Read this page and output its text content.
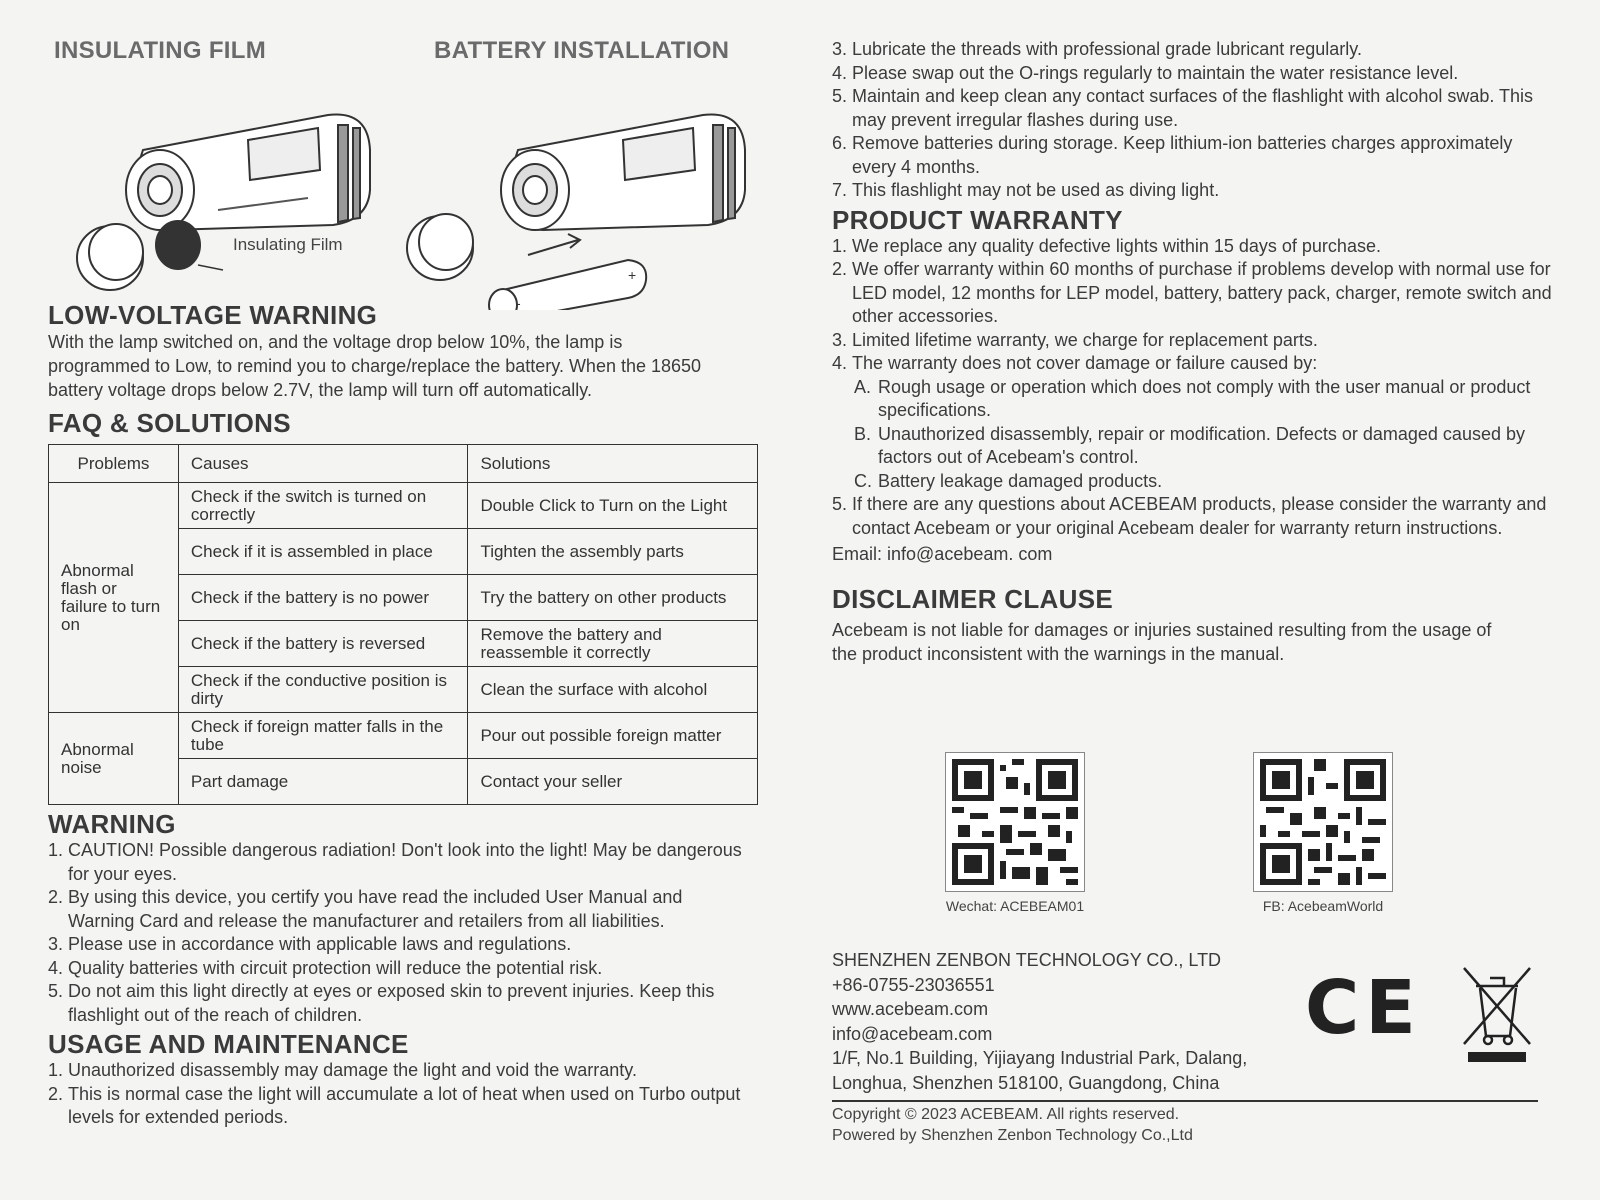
INSULATING FILM	BATTERY INSTALLATION
+
-
Insulating Film
LOW-VOLTAGE WARNING

With the lamp switched on, and the voltage drop below 10%, the lamp is programmed to Low, to remind you to charge/replace the battery. When the 18650 battery voltage drops below 2.7V, the lamp will turn off automatically.

FAQ & SOLUTIONS
Problems	Causes	Solutions
Abnormal flash or failure to turn on	Check if the switch is turned on correctly	Double Click to Turn on the Light
	Check if it is assembled in place	Tighten the assembly parts
	Check if the battery is no power	Try the battery on other products
	Check if the battery is reversed	Remove the battery and reassemble it correctly
	Check if the conductive position is dirty	Clean the surface with alcohol
Abnormal noise	Check if foreign matter falls in the tube	Pour out possible foreign matter
	Part damage	Contact your seller
WARNING
1. CAUTION! Possible dangerous radiation! Don't look into the light! May be dangerous for your eyes.
2. By using this device, you certify you have read the included User Manual and Warning Card and release the manufacturer and retailers from all liabilities.
3. Please use in accordance with applicable laws and regulations.
4. Quality batteries with circuit protection will reduce the potential risk.
5. Do not aim this light directly at eyes or exposed skin to prevent injuries. Keep this flashlight out of the reach of children.
USAGE AND MAINTENANCE
1. Unauthorized disassembly may damage the light and void the warranty.
2. This is normal case the light will accumulate a lot of heat when used on Turbo output levels for extended periods.
3. Lubricate the threads with professional grade lubricant regularly.
4. Please swap out the O-rings regularly to maintain the water resistance level.
5. Maintain and keep clean any contact surfaces of the flashlight with alcohol swab. This may prevent irregular flashes during use.
6. Remove batteries during storage. Keep lithium-ion batteries charges approximately every 4 months.
7. This flashlight may not be used as diving light.
PRODUCT WARRANTY
1. We replace any quality defective lights within 15 days of purchase.
2. We offer warranty within 60 months of purchase if problems develop with normal use for LED model, 12 months for LEP model, battery, battery pack, charger, remote switch and other accessories.
3. Limited lifetime warranty, we charge for replacement parts.
4. The warranty does not cover damage or failure caused by:
A. Rough usage or operation which does not comply with the user manual or product specifications.
B. Unauthorized disassembly, repair or modification. Defects or damaged caused by factors out of Acebeam's control.
C. Battery leakage damaged products.
5. If there are any questions about ACEBEAM products, please consider the warranty and contact Acebeam or your original Acebeam dealer for warranty return instructions.

Email: info@acebeam. com

DISCLAIMER CLAUSE

Acebeam is not liable for damages or injuries sustained resulting from the usage of the product inconsistent with the warnings in the manual.

Wechat: ACEBEAM01	FB: AcebeamWorld

SHENZHEN ZENBON TECHNOLOGY CO., LTD

+86-0755-23036551

www.acebeam.com

info@acebeam.com

1/F, No.1 Building, Yijiayang Industrial Park, Dalang,

Longhua, Shenzhen 518100, Guangdong, China

CE

Copyright © 2023 ACEBEAM. All rights reserved.

Powered by Shenzhen Zenbon Technology Co.,Ltd
